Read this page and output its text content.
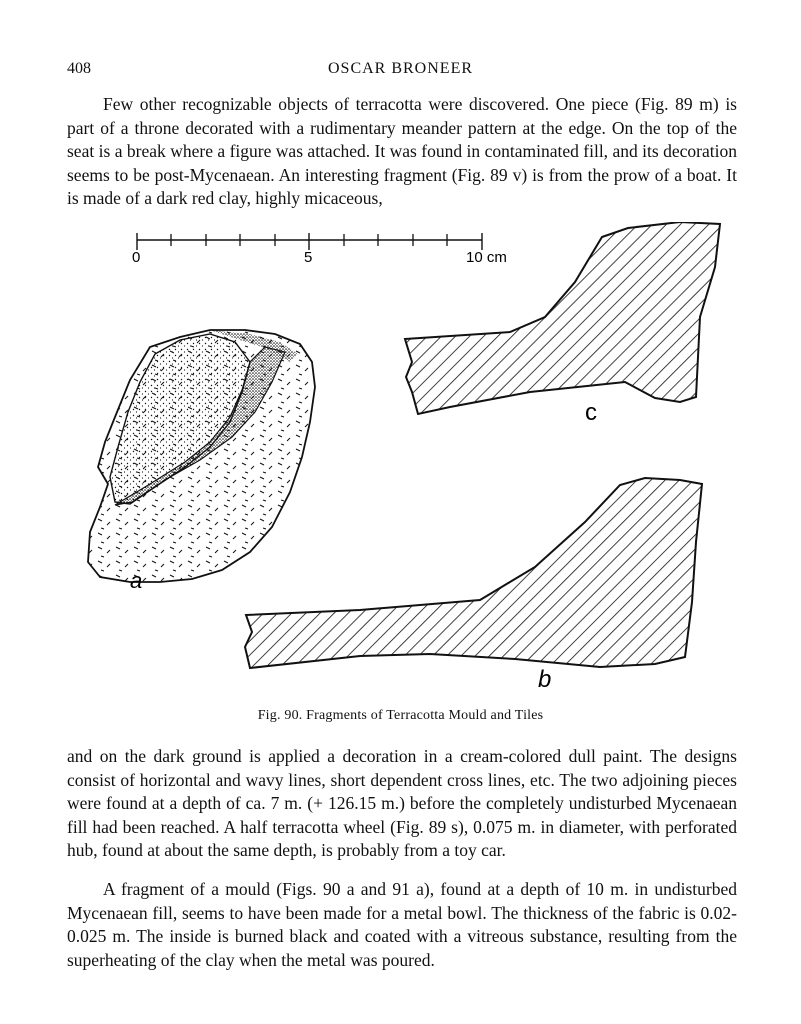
408	OSCAR BRONEER

Few other recognizable objects of terracotta were discovered. One piece (Fig. 89 m) is part of a throne decorated with a rudimentary meander pattern at the edge. On the top of the seat is a break where a figure was attached. It was found in contaminated fill, and its decoration seems to be post-Mycenaean. An interesting fragment (Fig. 89 v) is from the prow of a boat. It is made of a dark red clay, highly micaceous,

0	5	10 cm
a
c
b
Fig. 90. Fragments of Terracotta Mould and Tiles

and on the dark ground is applied a decoration in a cream-colored dull paint. The designs consist of horizontal and wavy lines, short dependent cross lines, etc. The two adjoining pieces were found at a depth of ca. 7 m. (+ 126.15 m.) before the completely undisturbed Mycenaean fill had been reached. A half terracotta wheel (Fig. 89 s), 0.075 m. in diameter, with perforated hub, found at about the same depth, is probably from a toy car.

A fragment of a mould (Figs. 90 a and 91 a), found at a depth of 10 m. in undisturbed Mycenaean fill, seems to have been made for a metal bowl. The thickness of the fabric is 0.02-0.025 m. The inside is burned black and coated with a vitreous substance, resulting from the superheating of the clay when the metal was poured.
